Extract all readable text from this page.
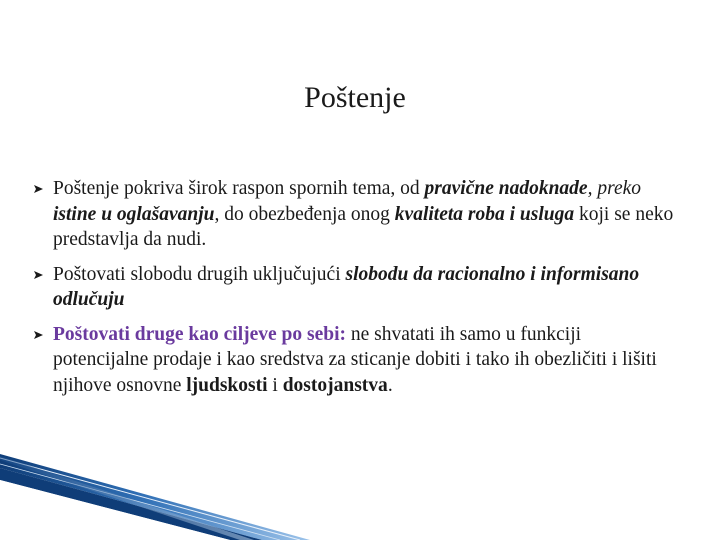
Poštenje
Poštenje pokriva širok raspon spornih tema, od pravične nadoknade, preko istine u oglašavanju, do obezbeđenja onog kvaliteta roba i usluga koji se neko predstavlja da nudi.
Poštovati slobodu drugih uključujući slobodu da racionalno i informisano odlučuju
Poštovati druge kao ciljeve po sebi: ne shvatati ih samo u funkciji potencijalne prodaje i kao sredstva za sticanje dobiti i tako ih obezličiti i lišiti njihove osnovne ljudskosti i dostojanstva.
